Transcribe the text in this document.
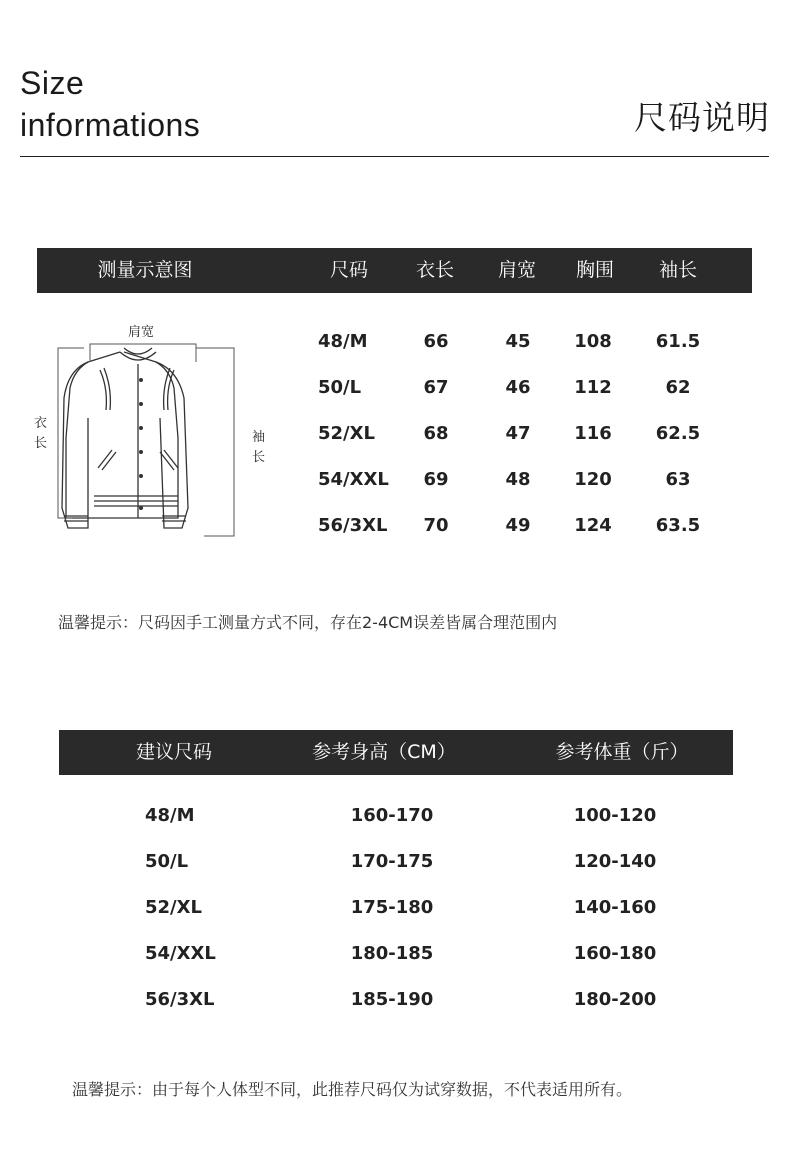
Size
informations	尺码说明
测量示意图	尺码	衣长	肩宽	胸围	袖长
肩宽
衣
长	袖
长
48/M	66	45	108	61.5
50/L	67	46	112	62
52/XL	68	47	116	62.5
54/XXL	69	48	120	63
56/3XL	70	49	124	63.5
温馨提示：尺码因手工测量方式不同，存在2-4CM误差皆属合理范围内
建议尺码	参考身高（CM）	参考体重（斤）
48/M	160-170	100-120
50/L	170-175	120-140
52/XL	175-180	140-160
54/XXL	180-185	160-180
56/3XL	185-190	180-200
温馨提示：由于每个人体型不同，此推荐尺码仅为试穿数据，不代表适用所有。
